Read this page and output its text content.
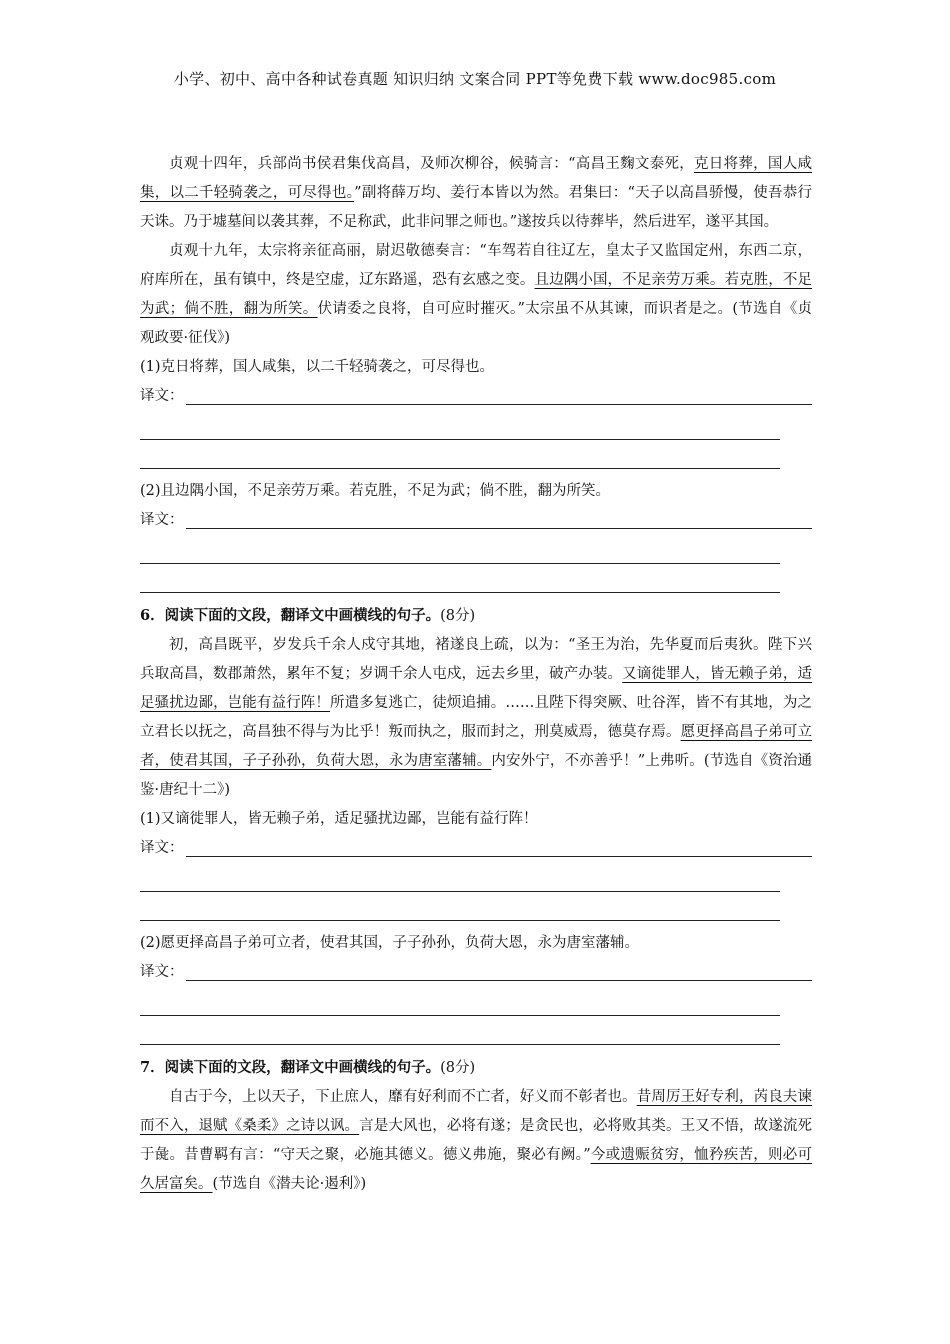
小学、初中、高中各种试卷真题 知识归纳 文案合同 PPT等免费下载 www.doc985.com

贞观十四年，兵部尚书侯君集伐高昌，及师次柳谷，候骑言：“高昌王麴文泰死，克日将葬，国人咸集，以二千轻骑袭之，可尽得也。”副将薛万均、姜行本皆以为然。君集曰：“天子以高昌骄慢，使吾恭行天诛。乃于墟墓间以袭其葬，不足称武，此非问罪之师也。”遂按兵以待葬毕，然后进军，遂平其国。

贞观十九年，太宗将亲征高丽，尉迟敬德奏言：“车驾若自往辽左，皇太子又监国定州，东西二京，府库所在，虽有镇中，终是空虚，辽东路遥，恐有玄感之变。且边隅小国，不足亲劳万乘。若克胜，不足为武；倘不胜，翻为所笑。伏请委之良将，自可应时摧灭。”太宗虽不从其谏，而识者是之。(节选自《贞观政要·征伐》)

(1)克日将葬，国人咸集，以二千轻骑袭之，可尽得也。

译文：

(2)且边隅小国，不足亲劳万乘。若克胜，不足为武；倘不胜，翻为所笑。

译文：

6．阅读下面的文段，翻译文中画横线的句子。(8分)

初，高昌既平，岁发兵千余人戍守其地，褚遂良上疏，以为：“圣王为治，先华夏而后夷狄。陛下兴兵取高昌，数郡萧然，累年不复；岁调千余人屯戍，远去乡里，破产办装。又谪徙罪人，皆无赖子弟，适足骚扰边鄙，岂能有益行阵！所遣多复逃亡，徒烦追捕。……且陛下得突厥、吐谷浑，皆不有其地，为之立君长以抚之，高昌独不得与为比乎！叛而执之，服而封之，刑莫威焉，德莫存焉。愿更择高昌子弟可立者，使君其国，子子孙孙，负荷大恩，永为唐室藩辅。内安外宁，不亦善乎！”上弗听。(节选自《资治通鉴·唐纪十二》)

(1)又谪徙罪人，皆无赖子弟，适足骚扰边鄙，岂能有益行阵！

译文：

(2)愿更择高昌子弟可立者，使君其国，子子孙孙，负荷大恩，永为唐室藩辅。

译文：

7．阅读下面的文段，翻译文中画横线的句子。(8分)

自古于今，上以天子，下止庶人，靡有好利而不亡者，好义而不彰者也。昔周厉王好专利，芮良夫谏而不入，退赋《桑柔》之诗以讽。言是大风也，必将有遂；是贪民也，必将败其类。王又不悟，故遂流死于彘。昔曹羁有言：“守天之聚，必施其德义。德义弗施，聚必有阙。”今或遗赈贫穷，恤矜疾苦，则必可久居富矣。(节选自《潜夫论·遏利》)
